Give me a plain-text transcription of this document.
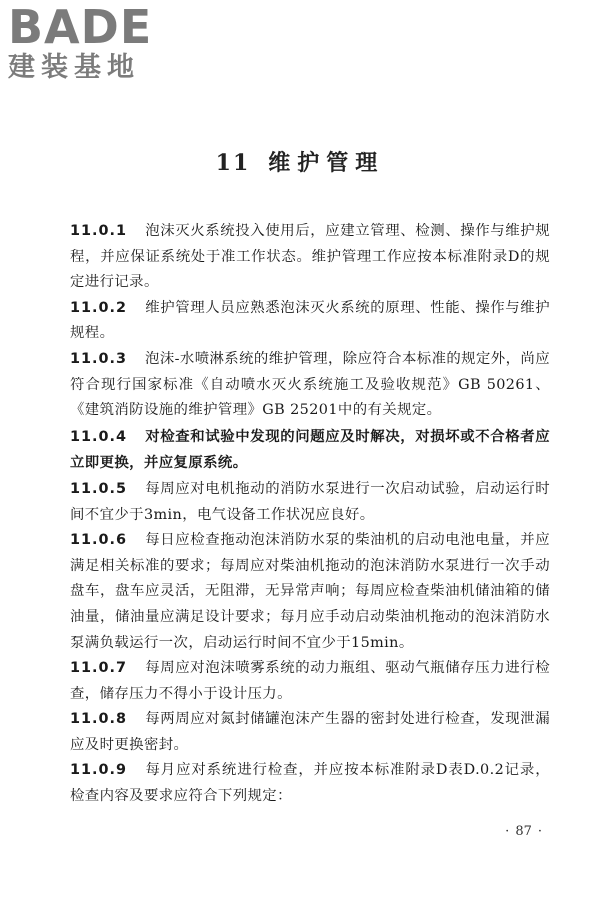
BADE
建装基地
11 维护管理

11.0.1 泡沫灭火系统投入使用后，应建立管理、检测、操作与维护规程，并应保证系统处于准工作状态。维护管理工作应按本标准附录D的规定进行记录。

11.0.2 维护管理人员应熟悉泡沫灭火系统的原理、性能、操作与维护规程。

11.0.3 泡沫-水喷淋系统的维护管理，除应符合本标准的规定外，尚应符合现行国家标准《自动喷水灭火系统施工及验收规范》GB 50261、《建筑消防设施的维护管理》GB 25201中的有关规定。

11.0.4 对检查和试验中发现的问题应及时解决，对损坏或不合格者应立即更换，并应复原系统。

11.0.5 每周应对电机拖动的消防水泵进行一次启动试验，启动运行时间不宜少于3min，电气设备工作状况应良好。

11.0.6 每日应检查拖动泡沫消防水泵的柴油机的启动电池电量，并应满足相关标准的要求；每周应对柴油机拖动的泡沫消防水泵进行一次手动盘车，盘车应灵活，无阻滞，无异常声响；每周应检查柴油机储油箱的储油量，储油量应满足设计要求；每月应手动启动柴油机拖动的泡沫消防水泵满负载运行一次，启动运行时间不宜少于15min。

11.0.7 每周应对泡沫喷雾系统的动力瓶组、驱动气瓶储存压力进行检查，储存压力不得小于设计压力。

11.0.8 每两周应对氮封储罐泡沫产生器的密封处进行检查，发现泄漏应及时更换密封。

11.0.9 每月应对系统进行检查，并应按本标准附录D表D.0.2记录，检查内容及要求应符合下列规定：

· 87 ·
